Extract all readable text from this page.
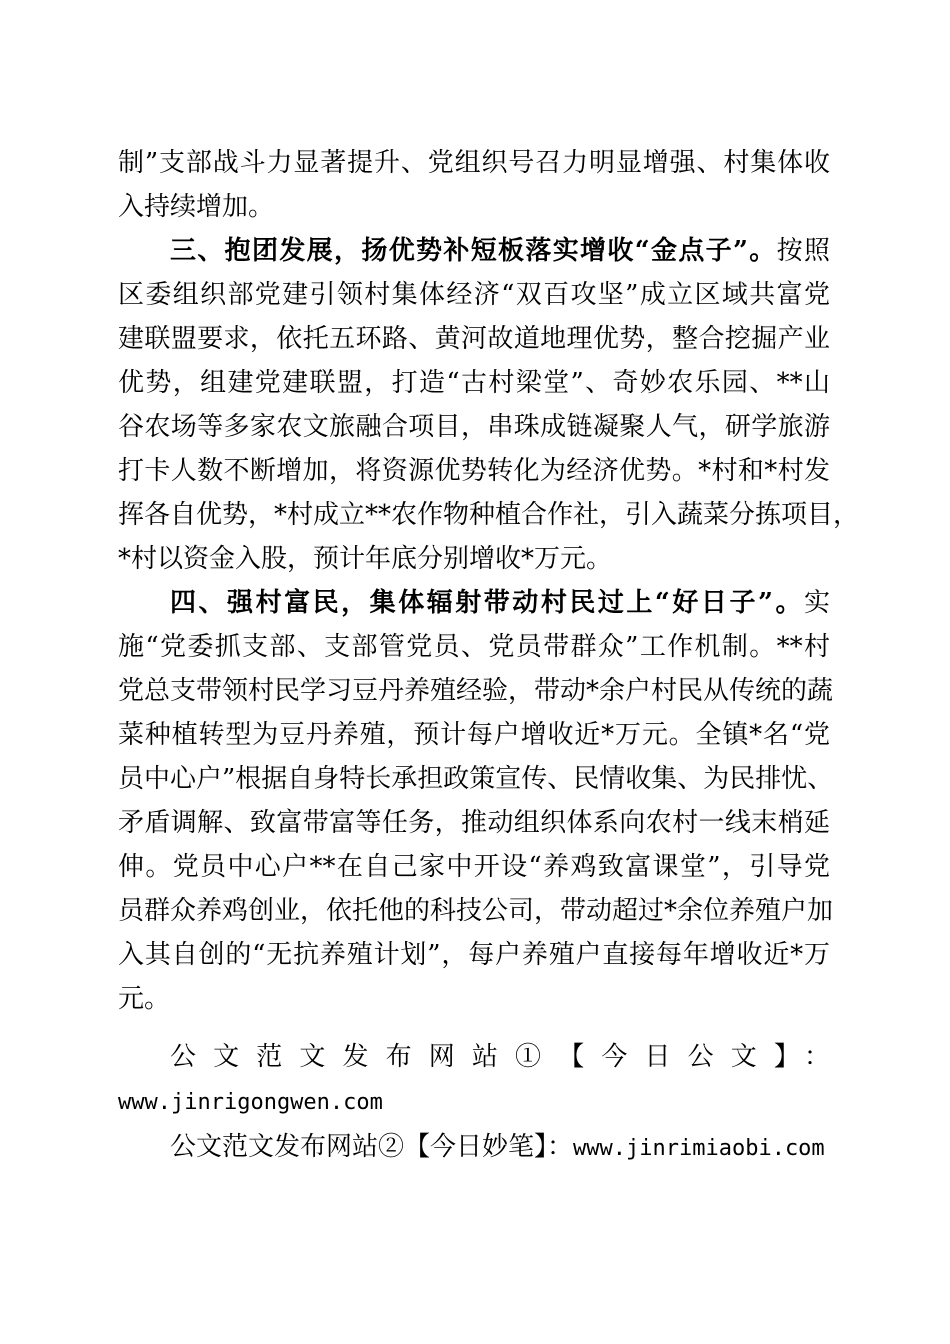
制”支部战斗力显著提升、党组织号召力明显增强、村集体收
入持续增加。
三、抱团发展，扬优势补短板落实增收“金点子”。按照
区委组织部党建引领村集体经济“双百攻坚”成立区域共富党
建联盟要求，依托五环路、黄河故道地理优势，整合挖掘产业
优势，组建党建联盟，打造“古村梁堂”、奇妙农乐园、**山
谷农场等多家农文旅融合项目，串珠成链凝聚人气，研学旅游
打卡人数不断增加，将资源优势转化为经济优势。*村和*村发
挥各自优势，*村成立**农作物种植合作社，引入蔬菜分拣项目，
*村以资金入股，预计年底分别增收*万元。
四、强村富民，集体辐射带动村民过上“好日子”。实
施“党委抓支部、支部管党员、党员带群众”工作机制。**村
党总支带领村民学习豆丹养殖经验，带动*余户村民从传统的蔬
菜种植转型为豆丹养殖，预计每户增收近*万元。全镇*名“党
员中心户”根据自身特长承担政策宣传、民情收集、为民排忧、
矛盾调解、致富带富等任务，推动组织体系向农村一线末梢延
伸。党员中心户**在自己家中开设“养鸡致富课堂”，引导党
员群众养鸡创业，依托他的科技公司，带动超过*余位养殖户加
入其自创的“无抗养殖计划”，每户养殖户直接每年增收近*万
元。
公文范文发布网站①【今日公文】：
www.jinrigongwen.com
公文范文发布网站②【今日妙笔】：www.jinrimiaobi.com
